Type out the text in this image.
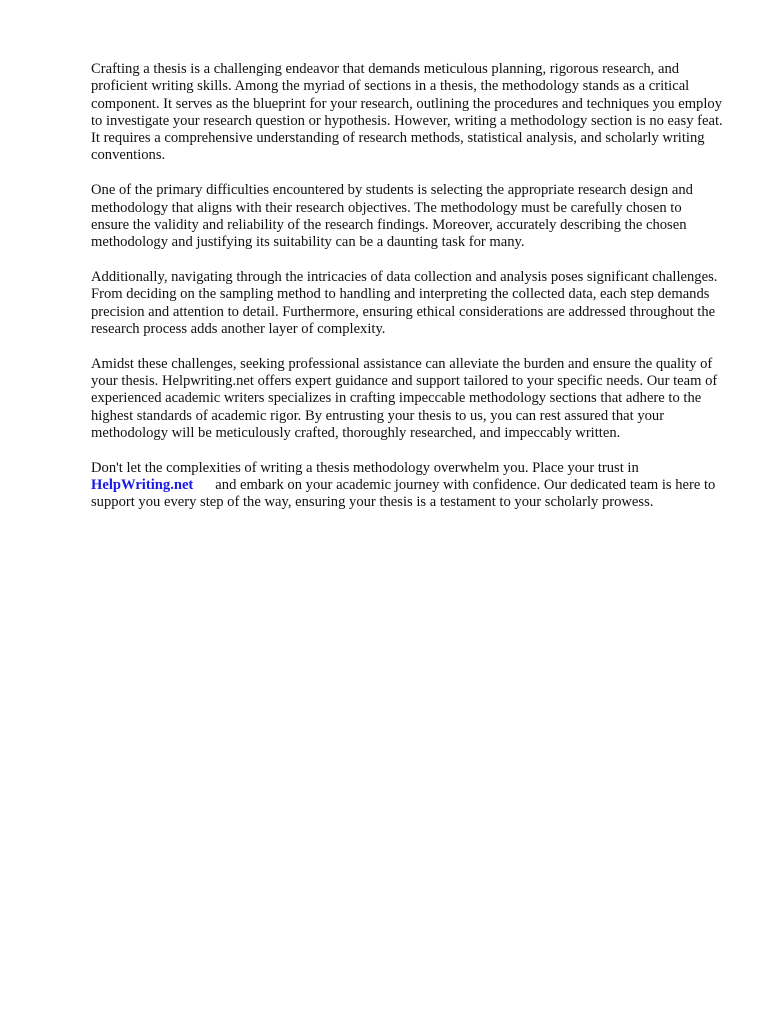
Crafting a thesis is a challenging endeavor that demands meticulous planning, rigorous research, and proficient writing skills. Among the myriad of sections in a thesis, the methodology stands as a critical component. It serves as the blueprint for your research, outlining the procedures and techniques you employ to investigate your research question or hypothesis. However, writing a methodology section is no easy feat. It requires a comprehensive understanding of research methods, statistical analysis, and scholarly writing conventions.

One of the primary difficulties encountered by students is selecting the appropriate research design and methodology that aligns with their research objectives. The methodology must be carefully chosen to ensure the validity and reliability of the research findings. Moreover, accurately describing the chosen methodology and justifying its suitability can be a daunting task for many.

Additionally, navigating through the intricacies of data collection and analysis poses significant challenges. From deciding on the sampling method to handling and interpreting the collected data, each step demands precision and attention to detail. Furthermore, ensuring ethical considerations are addressed throughout the research process adds another layer of complexity.

Amidst these challenges, seeking professional assistance can alleviate the burden and ensure the quality of your thesis. Helpwriting.net offers expert guidance and support tailored to your specific needs. Our team of experienced academic writers specializes in crafting impeccable methodology sections that adhere to the highest standards of academic rigor. By entrusting your thesis to us, you can rest assured that your methodology will be meticulously crafted, thoroughly researched, and impeccably written.

Don't let the complexities of writing a thesis methodology overwhelm you. Place your trust in
HelpWriting.net and embark on your academic journey with confidence. Our dedicated team is here to support you every step of the way, ensuring your thesis is a testament to your scholarly prowess.
